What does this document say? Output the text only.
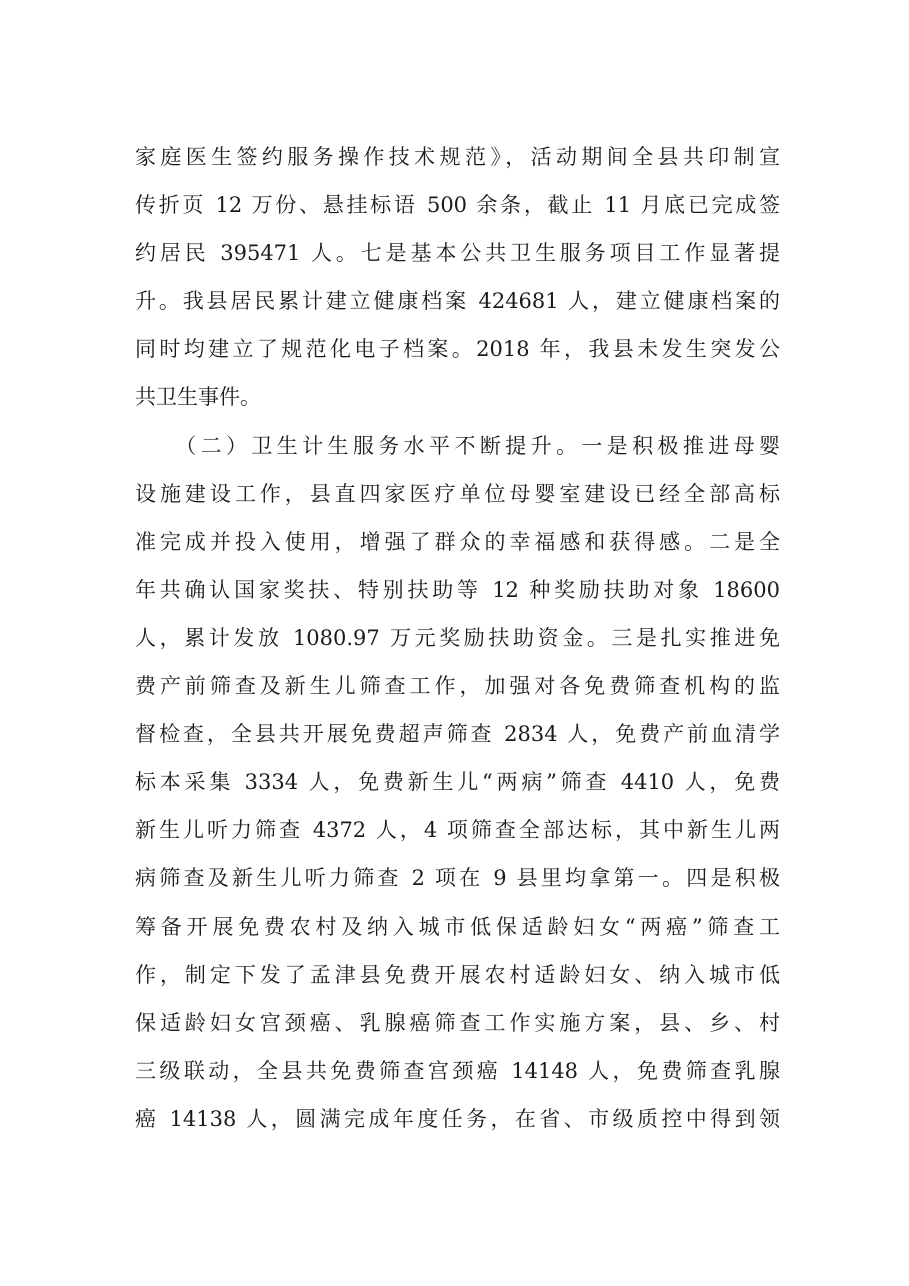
家庭医生签约服务操作技术规范》，活动期间全县共印制宣
传折页 12 万份、悬挂标语 500 余条，截止 11 月底已完成签
约居民 395471 人。七是基本公共卫生服务项目工作显著提
升。我县居民累计建立健康档案 424681 人，建立健康档案的
同时均建立了规范化电子档案。2018 年，我县未发生突发公
共卫生事件。
　　（二）卫生计生服务水平不断提升。一是积极推进母婴
设施建设工作，县直四家医疗单位母婴室建设已经全部高标
准完成并投入使用，增强了群众的幸福感和获得感。二是全
年共确认国家奖扶、特别扶助等 12 种奖励扶助对象 18600
人，累计发放 1080.97 万元奖励扶助资金。三是扎实推进免
费产前筛查及新生儿筛查工作，加强对各免费筛查机构的监
督检查，全县共开展免费超声筛查 2834 人，免费产前血清学
标本采集 3334 人，免费新生儿“两病”筛查 4410 人，免费
新生儿听力筛查 4372 人，4 项筛查全部达标，其中新生儿两
病筛查及新生儿听力筛查 2 项在 9 县里均拿第一。四是积极
筹备开展免费农村及纳入城市低保适龄妇女“两癌”筛查工
作，制定下发了孟津县免费开展农村适龄妇女、纳入城市低
保适龄妇女宫颈癌、乳腺癌筛查工作实施方案，县、乡、村
三级联动，全县共免费筛查宫颈癌 14148 人，免费筛查乳腺
癌 14138 人，圆满完成年度任务，在省、市级质控中得到领
